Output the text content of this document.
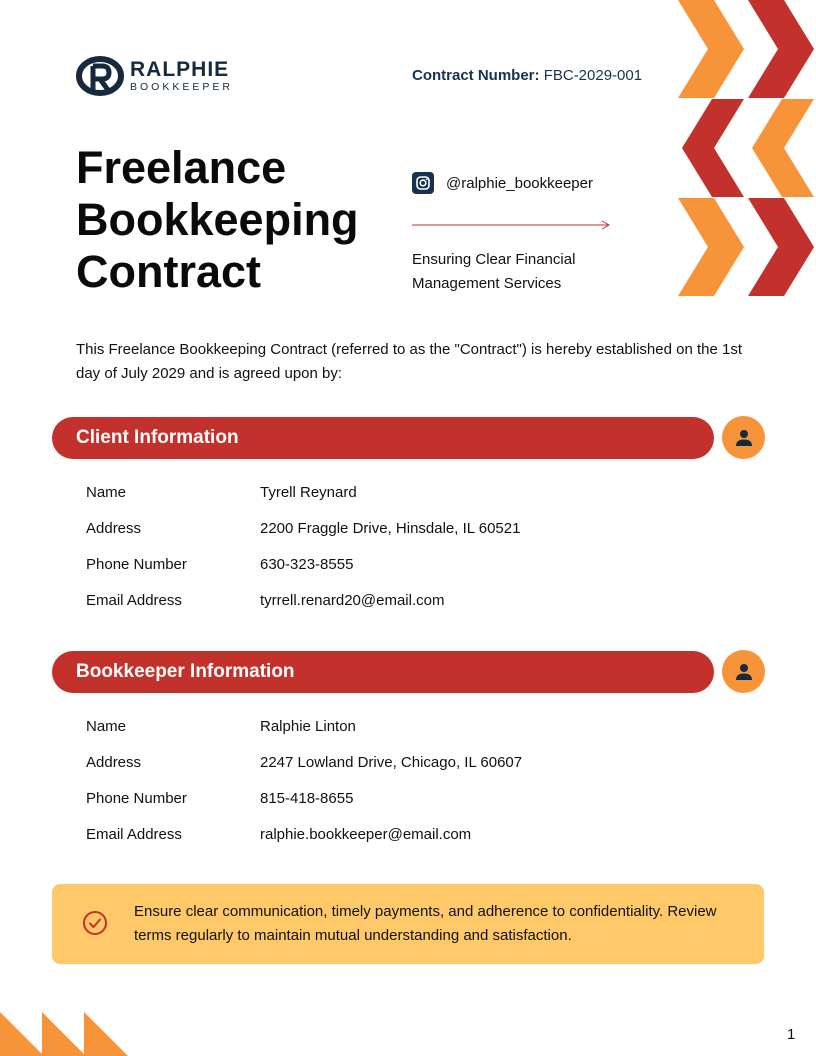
RALPHIE
BOOKKEEPER
Contract Number: FBC-2029-001
Freelance Bookkeeping Contract
@ralphie_bookkeeper
Ensuring Clear Financial Management Services

This Freelance Bookkeeping Contract (referred to as the "Contract") is hereby established on the 1st day of July 2029 and is agreed upon by:

Client Information
Name	Tyrell Reynard
Address	2200 Fraggle Drive, Hinsdale, IL 60521
Phone Number	630-323-8555
Email Address	tyrrell.renard20@email.com
Bookkeeper Information
Name	Ralphie Linton
Address	2247 Lowland Drive, Chicago, IL 60607
Phone Number	815-418-8655
Email Address	ralphie.bookkeeper@email.com

Ensure clear communication, timely payments, and adherence to confidentiality. Review terms regularly to maintain mutual understanding and satisfaction.

1
